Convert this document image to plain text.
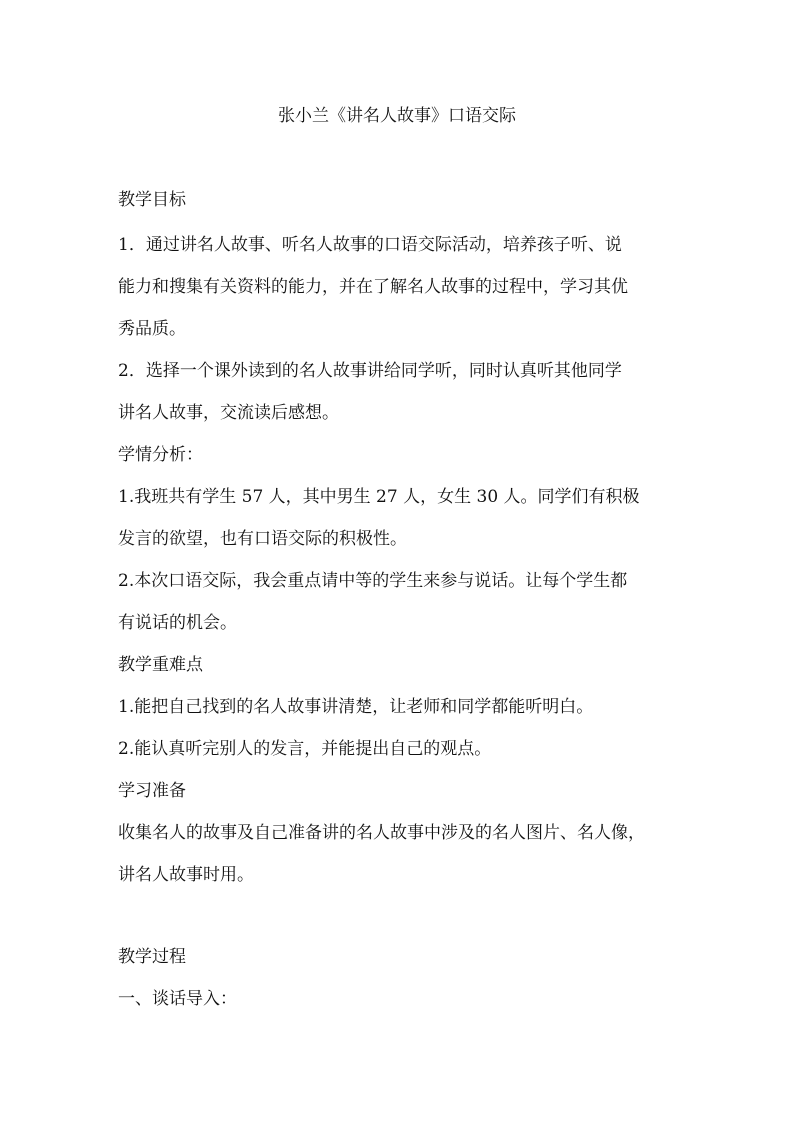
张小兰《讲名人故事》口语交际
教学目标
1．通过讲名人故事、听名人故事的口语交际活动，培养孩子听、说
能力和搜集有关资料的能力，并在了解名人故事的过程中，学习其优
秀品质。
2．选择一个课外读到的名人故事讲给同学听，同时认真听其他同学
讲名人故事，交流读后感想。
学情分析：
1.我班共有学生 57 人，其中男生 27 人，女生 30 人。同学们有积极
发言的欲望，也有口语交际的积极性。
2.本次口语交际，我会重点请中等的学生来参与说话。让每个学生都
有说话的机会。
教学重难点
1.能把自己找到的名人故事讲清楚，让老师和同学都能听明白。
2.能认真听完别人的发言，并能提出自己的观点。
学习准备
收集名人的故事及自己准备讲的名人故事中涉及的名人图片、名人像，
讲名人故事时用。
教学过程
一、谈话导入：
